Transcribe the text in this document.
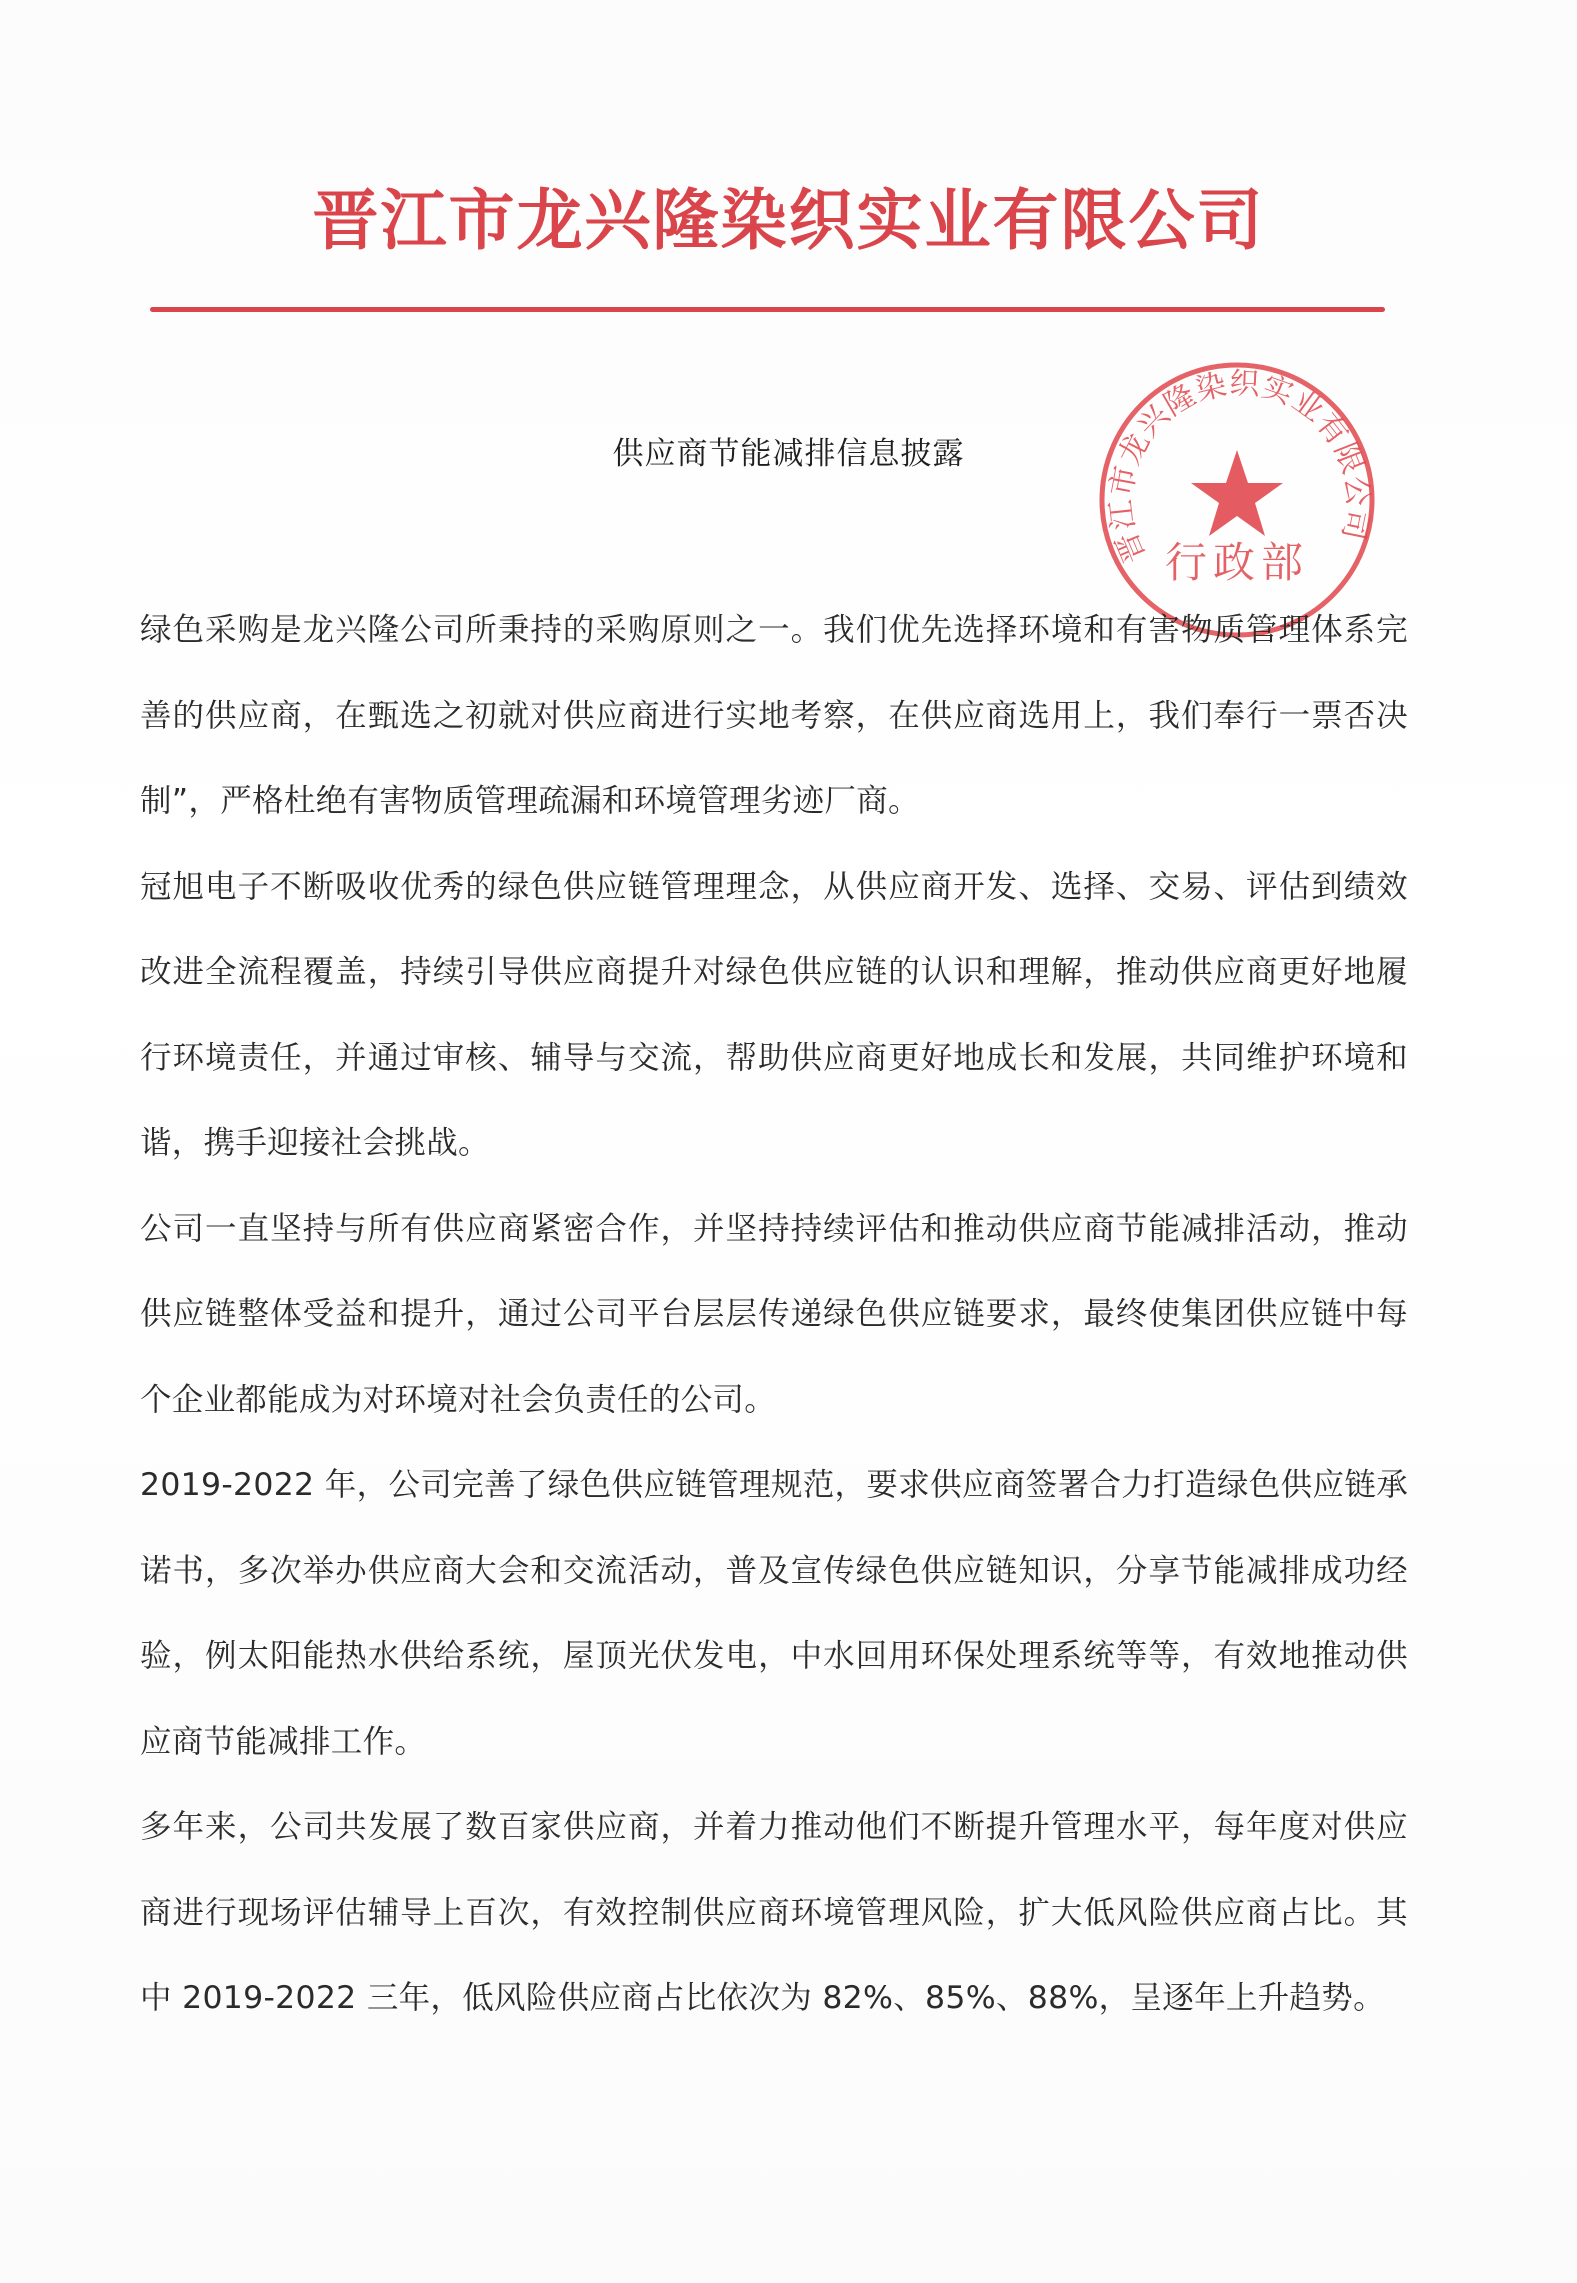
晋江市龙兴隆染织实业有限公司
供应商节能减排信息披露
晋江市龙兴隆染织实业有限公司
行政部

绿色采购是龙兴隆公司所秉持的采购原则之一。我们优先选择环境和有害物质管理体系完善的供应商，在甄选之初就对供应商进行实地考察，在供应商选用上，我们奉行一票否决制”，严格杜绝有害物质管理疏漏和环境管理劣迹厂商。

冠旭电子不断吸收优秀的绿色供应链管理理念，从供应商开发、选择、交易、评估到绩效改进全流程覆盖，持续引导供应商提升对绿色供应链的认识和理解，推动供应商更好地履行环境责任，并通过审核、辅导与交流，帮助供应商更好地成长和发展，共同维护环境和谐，携手迎接社会挑战。

公司一直坚持与所有供应商紧密合作，并坚持持续评估和推动供应商节能减排活动，推动供应链整体受益和提升，通过公司平台层层传递绿色供应链要求，最终使集团供应链中每个企业都能成为对环境对社会负责任的公司。

2019-2022 年，公司完善了绿色供应链管理规范，要求供应商签署合力打造绿色供应链承诺书，多次举办供应商大会和交流活动，普及宣传绿色供应链知识，分享节能减排成功经验，例太阳能热水供给系统，屋顶光伏发电，中水回用环保处理系统等等，有效地推动供应商节能减排工作。

多年来，公司共发展了数百家供应商，并着力推动他们不断提升管理水平，每年度对供应商进行现场评估辅导上百次，有效控制供应商环境管理风险，扩大低风险供应商占比。其中 2019-2022 三年，低风险供应商占比依次为 82%、85%、88%，呈逐年上升趋势。
